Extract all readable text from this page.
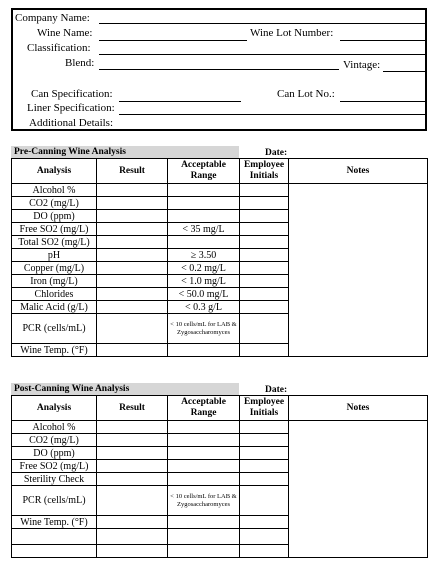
Company Name:
Wine Name:	Wine Lot Number:
Classification:
Blend:	Vintage:
Can Specification:	Can Lot No.:
Liner Specification:
Additional Details:
Pre-Canning Wine Analysis	Date:
Analysis	Result	Acceptable Range	Employee Initials	Notes
Alcohol %				
CO2 (mg/L)				
DO (ppm)				
Free SO2 (mg/L)		< 35 mg/L		
Total SO2 (mg/L)				
pH		≥ 3.50		
Copper (mg/L)		< 0.2 mg/L		
Iron (mg/L)		< 1.0 mg/L		
Chlorides		< 50.0 mg/L		
Malic Acid (g/L)		< 0.3 g/L		
PCR (cells/mL)		< 10 cells/mL for LAB & Zygosaccharomyces		
Wine Temp. (°F)				
Post-Canning Wine Analysis	Date:
Analysis	Result	Acceptable Range	Employee Initials	Notes
Alcohol %				
CO2 (mg/L)				
DO (ppm)				
Free SO2 (mg/L)				
Sterility Check				
PCR (cells/mL)		< 10 cells/mL for LAB & Zygosaccharomyces		
Wine Temp. (°F)				
